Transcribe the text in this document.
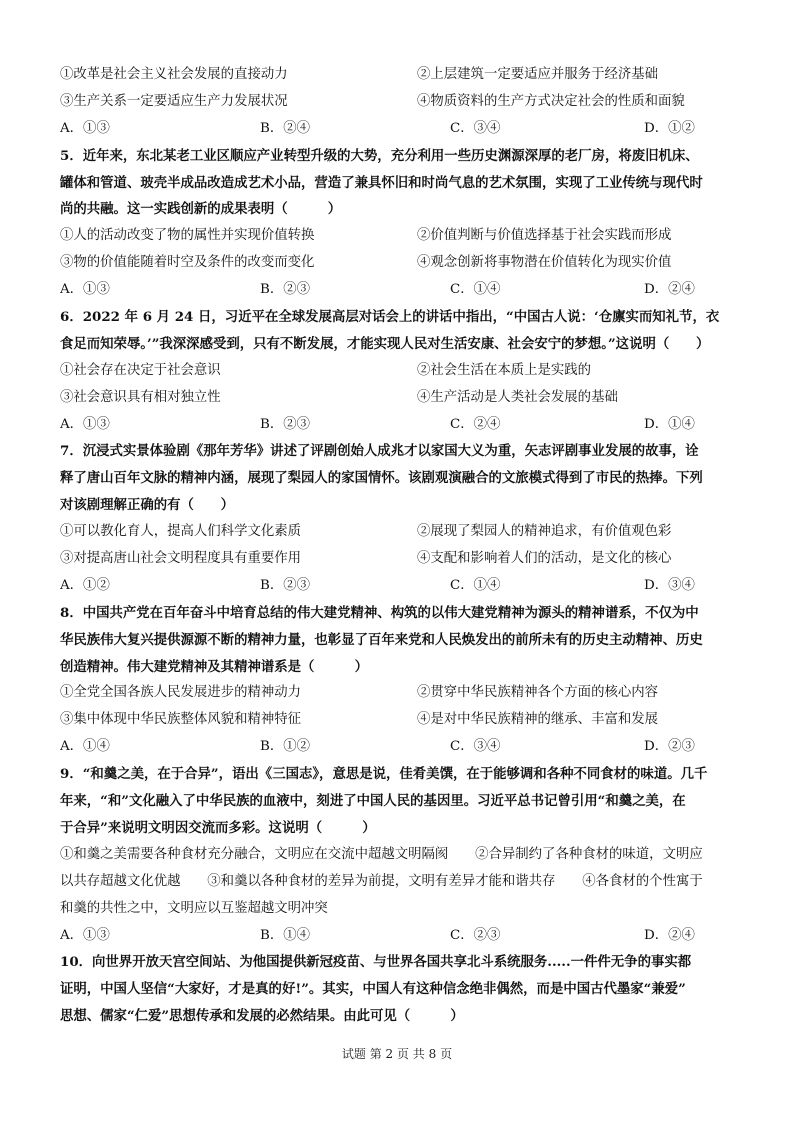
①改革是社会主义社会发展的直接动力	②上层建筑一定要适应并服务于经济基础
③生产关系一定要适应生产力发展状况	④物质资料的生产方式决定社会的性质和面貌
A．①③	B．②④	C．③④	D．①②
5．近年来，东北某老工业区顺应产业转型升级的大势，充分利用一些历史渊源深厚的老厂房，将废旧机床、
罐体和管道、玻壳半成品改造成艺术小品，营造了兼具怀旧和时尚气息的艺术氛围，实现了工业传统与现代时
尚的共融。这一实践创新的成果表明（　　　）
①人的活动改变了物的属性并实现价值转换	②价值判断与价值选择基于社会实践而形成
③物的价值能随着时空及条件的改变而变化	④观念创新将事物潜在价值转化为现实价值
A．①③	B．②③	C．①④	D．②④
6．2022 年 6 月 24 日，习近平在全球发展高层对话会上的讲话中指出，“中国古人说：‘仓廪实而知礼节，衣
食足而知荣辱。’”我深深感受到，只有不断发展，才能实现人民对生活安康、社会安宁的梦想。”这说明（　　）
①社会存在决定于社会意识	②社会生活在本质上是实践的
③社会意识具有相对独立性	④生产活动是人类社会发展的基础
A．①③	B．②③	C．②④	D．①④
7．沉浸式实景体验剧《那年芳华》讲述了评剧创始人成兆才以家国大义为重，矢志评剧事业发展的故事，诠
释了唐山百年文脉的精神内涵，展现了梨园人的家国情怀。该剧观演融合的文旅模式得到了市民的热捧。下列
对该剧理解正确的有（　　）
①可以教化育人，提高人们科学文化素质	②展现了梨园人的精神追求，有价值观色彩
③对提高唐山社会文明程度具有重要作用	④支配和影响着人们的活动，是文化的核心
A．①②	B．②③	C．①④	D．③④
8．中国共产党在百年奋斗中培育总结的伟大建党精神、构筑的以伟大建党精神为源头的精神谱系，不仅为中
华民族伟大复兴提供源源不断的精神力量，也彰显了百年来党和人民焕发出的前所未有的历史主动精神、历史
创造精神。伟大建党精神及其精神谱系是（　　　）
①全党全国各族人民发展进步的精神动力	②贯穿中华民族精神各个方面的核心内容
③集中体现中华民族整体风貌和精神特征	④是对中华民族精神的继承、丰富和发展
A．①④	B．①②	C．③④	D．②③
9．“和羹之美，在于合异”，语出《三国志》，意思是说，佳肴美馔，在于能够调和各种不同食材的味道。几千
年来，“和”文化融入了中华民族的血液中，刻进了中国人民的基因里。习近平总书记曾引用“和羹之美，在
于合异”来说明文明因交流而多彩。这说明（　　　）
①和羹之美需要各种食材充分融合，文明应在交流中超越文明隔阂　　②合异制约了各种食材的味道，文明应
以共存超越文化优越　　③和羹以各种食材的差异为前提，文明有差异才能和谐共存　　④各食材的个性寓于
和羹的共性之中，文明应以互鉴超越文明冲突
A．①③	B．①④	C．②③	D．②④
10．向世界开放天宫空间站、为他国提供新冠疫苗、与世界各国共享北斗系统服务.....一件件无争的事实都
证明，中国人坚信“大家好，才是真的好!”。其实，中国人有这种信念绝非偶然，而是中国古代墨家“兼爱”
思想、儒家“仁爱”思想传承和发展的必然结果。由此可见（　　　）
试题 第 2 页 共 8 页
